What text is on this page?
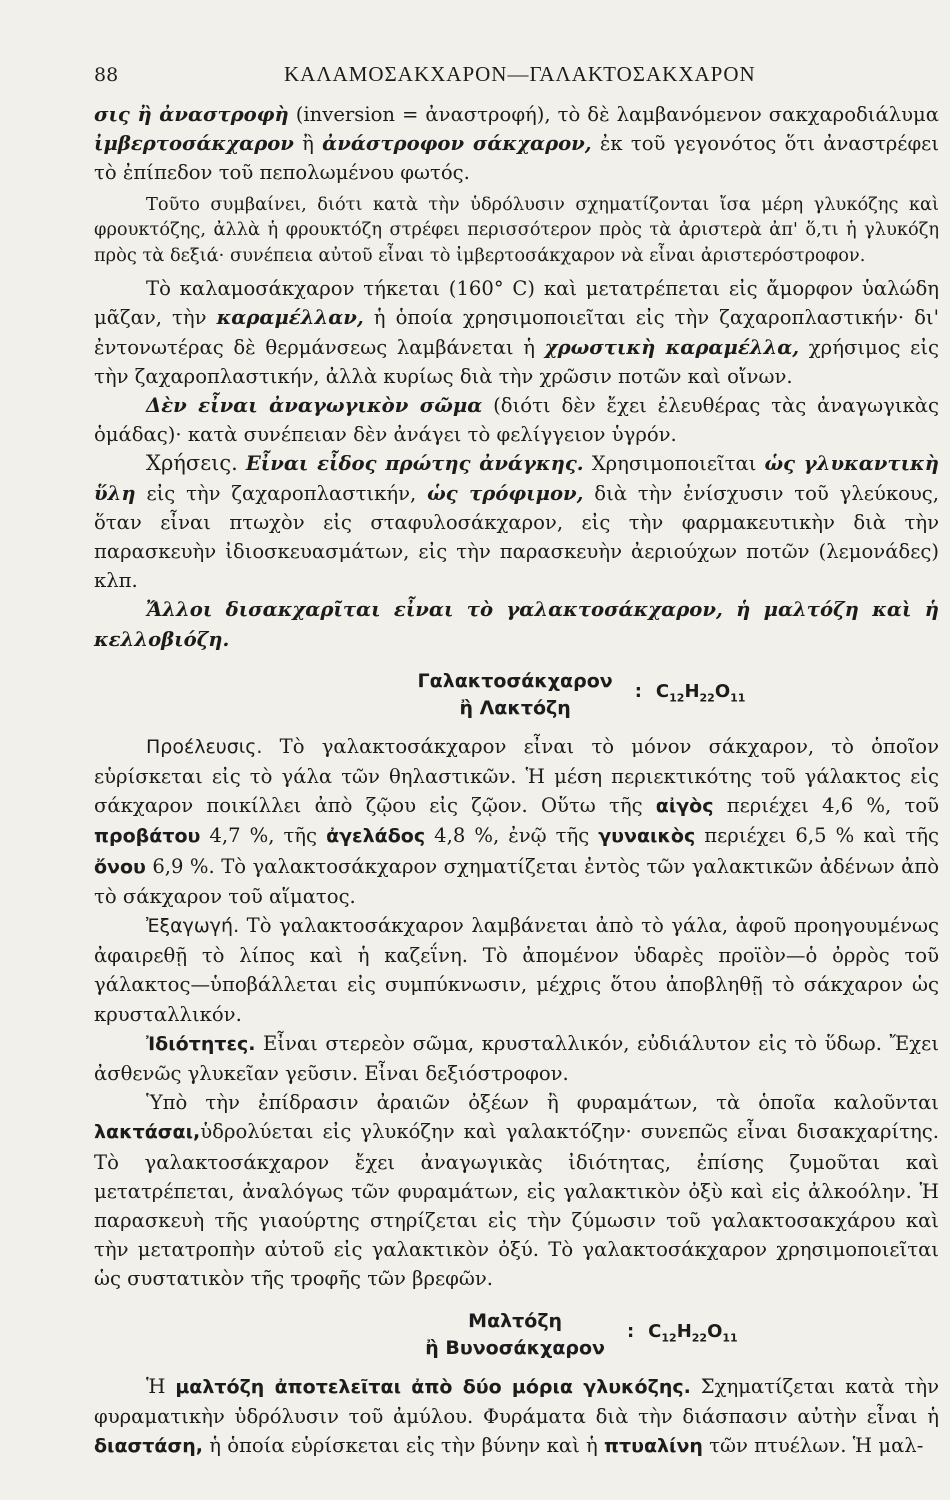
88	ΚΑΛΑΜΟΣΑΚΧΑΡΟΝ—ΓΑΛΑΚΤΟΣΑΚΧΑΡΟΝ

σις ἢ ἀναστροφὴ (inversion = ἀναστροφή), τὸ δὲ λαμβανόμενον σακχαροδιάλυμα ἰμβερτοσάκχαρον ἢ ἀνάστροφον σάκχαρον, ἐκ τοῦ γεγονότος ὅτι ἀναστρέφει τὸ ἐπίπεδον τοῦ πεπολωμένου φωτός.

Τοῦτο συμβαίνει, διότι κατὰ τὴν ὑδρόλυσιν σχηματίζονται ἴσα μέρη γλυκόζης καὶ φρουκτόζης, ἀλλὰ ἡ φρουκτόζη στρέφει περισσότερον πρὸς τὰ ἀριστερὰ ἀπ' ὅ,τι ἡ γλυκόζη πρὸς τὰ δεξιά· συνέπεια αὐτοῦ εἶναι τὸ ἰμβερτοσάκχαρον νὰ εἶναι ἀριστερόστροφον.

Τὸ καλαμοσάκχαρον τήκεται (160° C) καὶ μετατρέπεται εἰς ἄμορφον ὑαλώδη μᾶζαν, τὴν καραμέλλαν, ἡ ὁποία χρησιμοποιεῖται εἰς τὴν ζαχαροπλαστικήν· δι' ἐντονωτέρας δὲ θερμάνσεως λαμβάνεται ἡ χρωστικὴ καραμέλλα, χρήσιμος εἰς τὴν ζαχαροπλαστικήν, ἀλλὰ κυρίως διὰ τὴν χρῶσιν ποτῶν καὶ οἴνων.

Δὲν εἶναι ἀναγωγικὸν σῶμα (διότι δὲν ἔχει ἐλευθέρας τὰς ἀναγωγικὰς ὁμάδας)· κατὰ συνέπειαν δὲν ἀνάγει τὸ φελίγγειον ὑγρόν.

Χρήσεις. Εἶναι εἶδος πρώτης ἀνάγκης. Χρησιμοποιεῖται ὡς γλυκαντικὴ ὕλη εἰς τὴν ζαχαροπλαστικήν, ὡς τρόφιμον, διὰ τὴν ἐνίσχυσιν τοῦ γλεύκους, ὅταν εἶναι πτωχὸν εἰς σταφυλοσάκχαρον, εἰς τὴν φαρμακευτικὴν διὰ τὴν παρασκευὴν ἰδιοσκευασμάτων, εἰς τὴν παρασκευὴν ἀεριούχων ποτῶν (λεμονάδες) κλπ.

Ἄλλοι δισακχαρῖται εἶναι τὸ γαλακτοσάκχαρον, ἡ μαλτόζη καὶ ἡ κελλοβιόζη.

Γαλακτοσάκχαρον
ἢ Λακτόζη
: $C_{12}H_{22}O_{11}$

Προέλευσις. Τὸ γαλακτοσάκχαρον εἶναι τὸ μόνον σάκχαρον, τὸ ὁποῖον εὑρίσκεται εἰς τὸ γάλα τῶν θηλαστικῶν. Ἡ μέση περιεκτικότης τοῦ γάλακτος εἰς σάκχαρον ποικίλλει ἀπὸ ζῷου εἰς ζῷον. Οὕτω τῆς αἰγὸς περιέχει 4,6 %, τοῦ προβάτου 4,7 %, τῆς ἀγελάδος 4,8 %, ἐνῷ τῆς γυναικὸς περιέχει 6,5 % καὶ τῆς ὄνου 6,9 %. Τὸ γαλακτοσάκχαρον σχηματίζεται ἐντὸς τῶν γαλακτικῶν ἀδένων ἀπὸ τὸ σάκχαρον τοῦ αἵματος.

Ἐξαγωγή. Τὸ γαλακτοσάκχαρον λαμβάνεται ἀπὸ τὸ γάλα, ἀφοῦ προηγουμένως ἀφαιρεθῇ τὸ λίπος καὶ ἡ καζεΐνη. Τὸ ἀπομένον ὑδαρὲς προϊὸν—ὁ ὀρρὸς τοῦ γάλακτος—ὑποβάλλεται εἰς συμπύκνωσιν, μέχρις ὅτου ἀποβληθῇ τὸ σάκχαρον ὡς κρυσταλλικόν.

Ἰδιότητες. Εἶναι στερεὸν σῶμα, κρυσταλλικόν, εὐδιάλυτον εἰς τὸ ὕδωρ. Ἔχει ἀσθενῶς γλυκεῖαν γεῦσιν. Εἶναι δεξιόστροφον.

Ὑπὸ τὴν ἐπίδρασιν ἀραιῶν ὀξέων ἢ φυραμάτων, τὰ ὁποῖα καλοῦνται λακτάσαι,ὑδρολύεται εἰς γλυκόζην καὶ γαλακτόζην· συνεπῶς εἶναι δισακχαρίτης. Τὸ γαλακτοσάκχαρον ἔχει ἀναγωγικὰς ἰδιότητας, ἐπίσης ζυμοῦται καὶ μετατρέπεται, ἀναλόγως τῶν φυραμάτων, εἰς γαλακτικὸν ὀξὺ καὶ εἰς ἀλκοόλην. Ἡ παρασκευὴ τῆς γιαούρτης στηρίζεται εἰς τὴν ζύμωσιν τοῦ γαλακτοσακχάρου καὶ τὴν μετατροπὴν αὐτοῦ εἰς γαλακτικὸν ὀξύ. Τὸ γαλακτοσάκχαρον χρησιμοποιεῖται ὡς συστατικὸν τῆς τροφῆς τῶν βρεφῶν.

Μαλτόζη
ἢ Βυνοσάκχαρον
: $C_{12}H_{22}O_{11}$

Ἡ μαλτόζη ἀποτελεῖται ἀπὸ δύο μόρια γλυκόζης. Σχηματίζεται κατὰ τὴν φυραματικὴν ὑδρόλυσιν τοῦ ἀμύλου. Φυράματα διὰ τὴν διάσπασιν αὐτὴν εἶναι ἡ διαστάση, ἡ ὁποία εὑρίσκεται εἰς τὴν βύνην καὶ ἡ πτυαλίνη τῶν πτυέλων. Ἡ μαλ-
